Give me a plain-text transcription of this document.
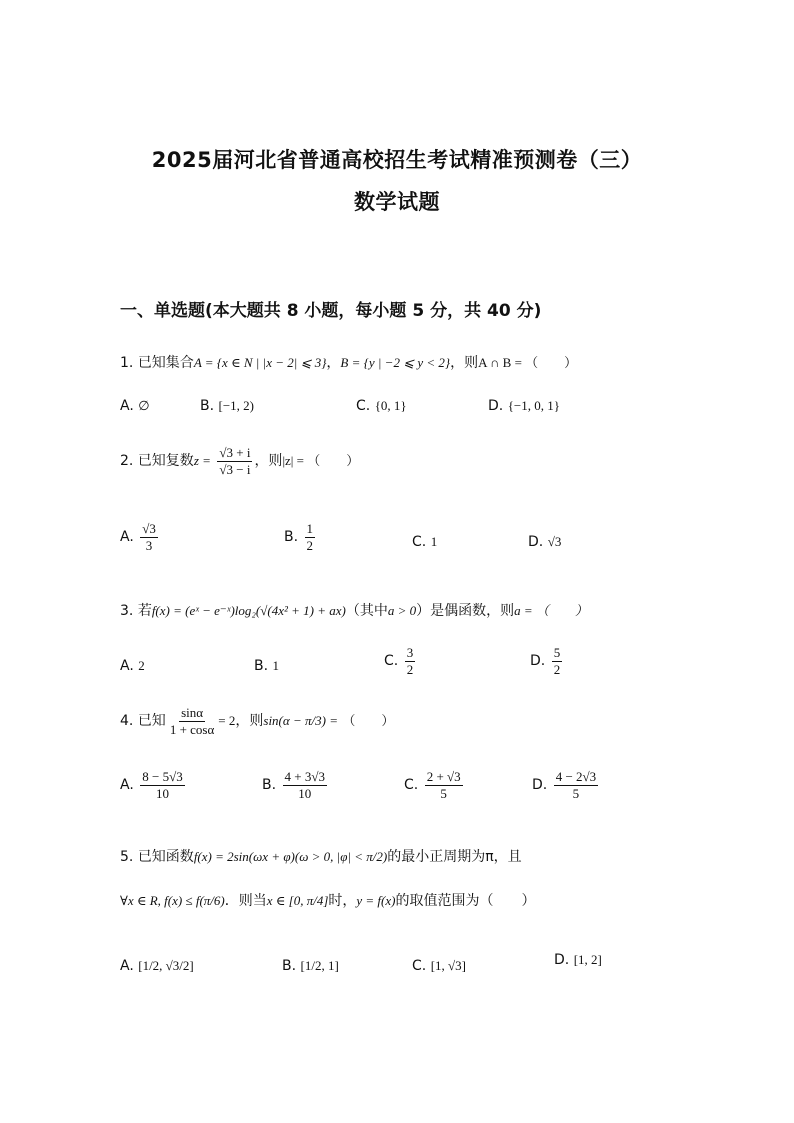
2025届河北省普通高校招生考试精准预测卷（三）
数学试题
一、单选题(本大题共 8 小题，每小题 5 分，共 40 分)
1. 已知集合A = {x ∈ N | |x − 2| ⩽ 3}，B = {y | −2 ⩽ y < 2}，则A ∩ B = （　　）
A. ∅	B. [−1, 2)	C. {0, 1}	D. {−1, 0, 1}
2. 已知复数$z = \frac{√3 + i}{√3 - i}$ ，则|z| = （　　）
A. $\frac{√3}{3}$	B. $\frac{1}{2}$	C. 1	D. √3
3. 若f(x) = (eˣ − e⁻ˣ)log₂(√(4x² + 1) + ax)（其中a > 0）是偶函数，则a = （　　）
A. 2	B. 1	C. $\frac{3}{2}$	D. $\frac{5}{2}$
4. 已知 $\frac{\sin\alpha}{1 + \cos\alpha} = 2$，则sin(α − π/3) = （　　）
A. $\frac{8 - 5√3}{10}$	B. $\frac{4 + 3√3}{10}$	C. $\frac{2 + √3}{5}$	D. $\frac{4 - 2√3}{5}$
5. 已知函数f(x) = 2sin(ωx + φ)(ω > 0, |φ| < π/2)的最小正周期为π，且
∀x ∈ R, f(x) ≤ f(π/6)．则当x ∈ [0, π/4]时，y = f(x)的取值范围为（　　）
A. [1/2, √3/2]	B. [1/2, 1]	C. [1, √3]	D. [1, 2]
